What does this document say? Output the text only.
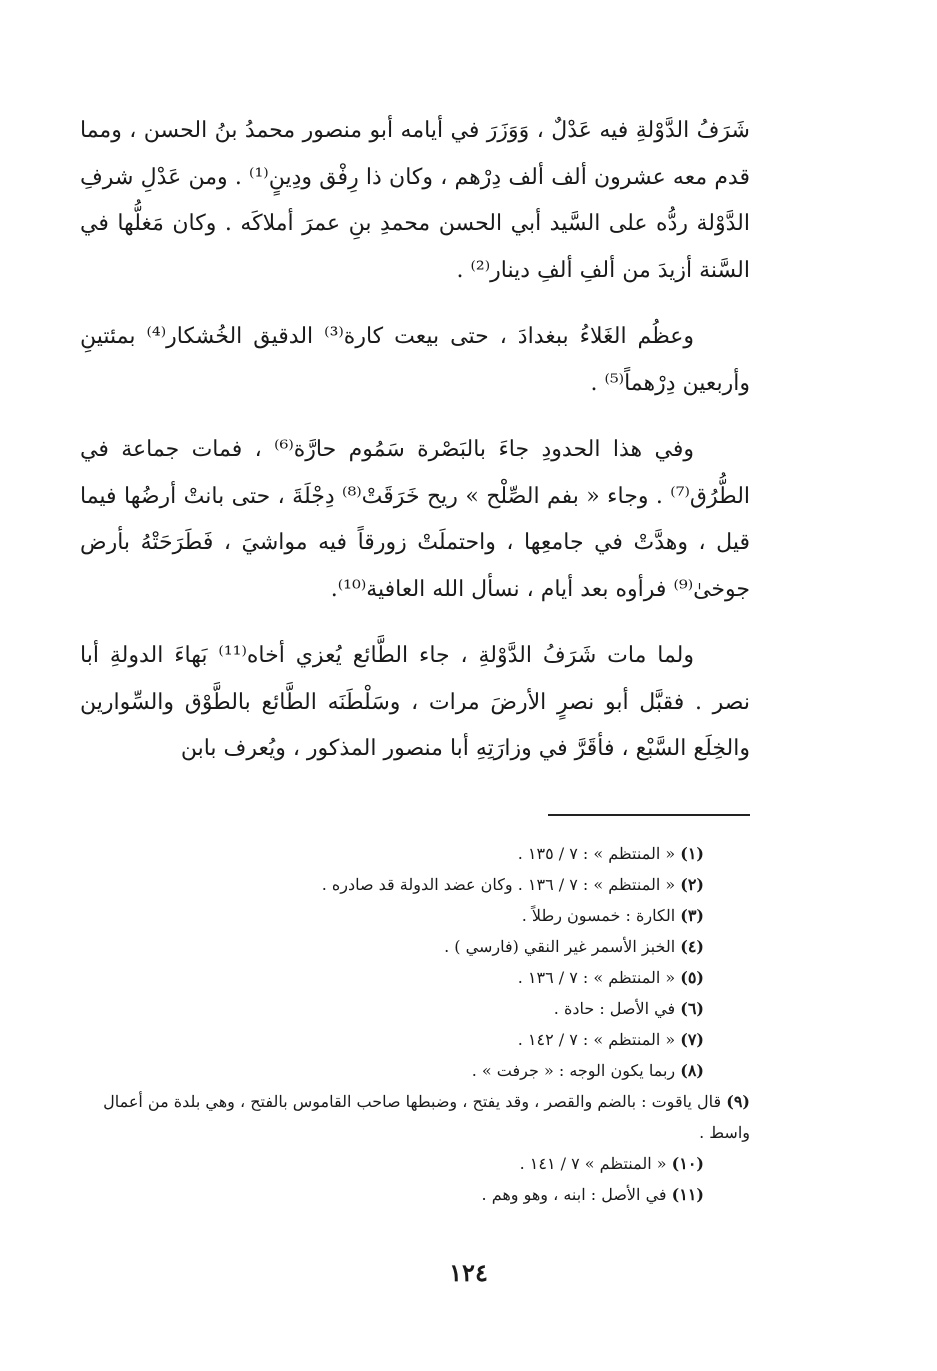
شَرَفُ الدَّوْلةِ فيه عَدْلٌ ، وَوَزَرَ في أيامه أبو منصور محمدُ بنُ الحسن ، ومما قدم معه عشرون ألف ألف دِرْهم ، وكان ذا رِفْق ودِينٍ⁽¹⁾ . ومن عَدْلِ شرفِ الدَّوْلة ردُّه على السَّيد أبي الحسن محمدِ بنِ عمرَ أملاكَه . وكان مَغلُّها في السَّنة أزيدَ من ألفِ ألفِ دينار⁽²⁾ .

وعظُم الغَلاءُ ببغدادَ ، حتى بيعت كارة⁽³⁾ الدقيق الخُشكار⁽⁴⁾ بمئتينِ وأربعين دِرْهماً⁽⁵⁾ .

وفي هذا الحدودِ جاءَ بالبَصْرة سَمُوم حارَّة⁽⁶⁾ ، فمات جماعة في الطُّرُق⁽⁷⁾ . وجاء « بفم الصِّلْح » ريح خَرَقَتْ⁽⁸⁾ دِجْلَةَ ، حتى بانتْ أرضُها فيما قيل ، وهدَّتْ في جامعِها ، واحتملَتْ زورقاً فيه مواشيَ ، فَطَرَحَتْهُ بأرض جوخىٰ⁽⁹⁾ فرأوه بعد أيام ، نسأل الله العافية⁽¹⁰⁾.

ولما مات شَرَفُ الدَّوْلةِ ، جاء الطَّائع يُعزي أخاه⁽¹¹⁾ بَهاءَ الدولةِ أبا نصر . فقبَّل أبو نصرٍ الأرضَ مرات ، وسَلْطَنَه الطَّائع بالطَّوْق والسِّوارين والخِلَع السَّبْع ، فأقَرَّ في وزارَتِهِ أبا منصور المذكور ، ويُعرف بابن

(١) « المنتظم » : ٧ / ١٣٥ .

(٢) « المنتظم » : ٧ / ١٣٦ . وكان عضد الدولة قد صادره .

(٣) الكارة : خمسون رطلاً .

(٤) الخبز الأسمر غير النقي (فارسي ) .

(٥) « المنتظم » : ٧ / ١٣٦ .

(٦) في الأصل : حادة .

(٧) « المنتظم » : ٧ / ١٤٢ .

(٨) ربما يكون الوجه : « جرفت » .

(٩) قال ياقوت : بالضم والقصر ، وقد يفتح ، وضبطها صاحب القاموس بالفتح ، وهي بلدة من أعمال واسط .

(١٠) « المنتظم » ٧ / ١٤١ .

(١١) في الأصل : ابنه ، وهو وهم .

١٢٤
